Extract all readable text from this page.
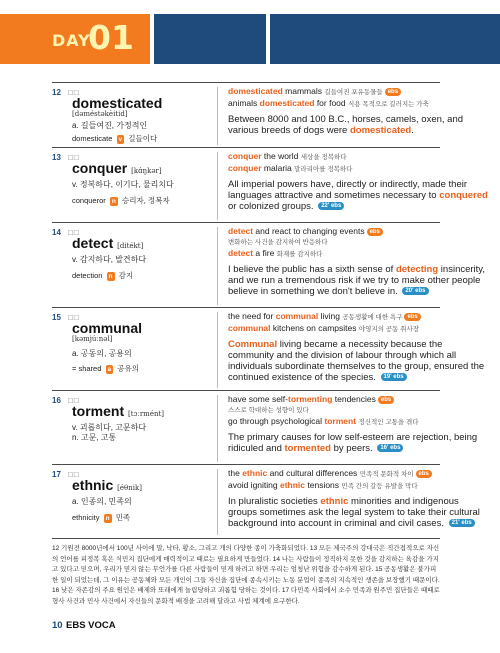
DAY
01
12 □□
domesticated
[dəméstəkèitid]
a. 길들여진, 가정적인
domesticate v 길들이다
domesticated mammals 길들여진 포유동물들 ebs
animals domesticated for food 식용 목적으로 길러지는 가축
Between 8000 and 100 B.C., horses, camels, oxen, and various breeds of dogs were domesticated.
13 □□
conquer [kɑ́ŋkər]
v. 정복하다, 이기다, 물리치다
conqueror n 승리자, 정복자
conquer the world 세상을 정복하다
conquer malaria 말라리아를 정복하다
All imperial powers have, directly or indirectly, made their languages attractive and sometimes necessary to conquered or colonized groups. 22' ebs
14 □□
detect [ditékt]
v. 감지하다, 발견하다
detection n 감지
detect and react to changing events ebs
변화하는 사건을 감지하여 반응하다
detect a fire 화재를 감지하다
I believe the public has a sixth sense of detecting insincerity, and we run a tremendous risk if we try to make other people believe in something we don't believe in. 20' ebs
15 □□
communal
[kəmjúːnəl]
a. 공동의, 공용의
= shared a 공유의
the need for communal living 공동생활에 대한 욕구 ebs
communal kitchens on campsites 야영지의 공동 취사장
Communal living became a necessity because the community and the division of labour through which all individuals subordinate themselves to the group, ensured the continued existence of the species. 19' ebs
16 □□
torment [tɔːrmént]
v. 괴롭히다, 고문하다
n. 고문, 고통
have some self-tormenting tendencies ebs
스스로 학대하는 성향이 있다
go through psychological torment 정신적인 고통을 겪다
The primary causes for low self-esteem are rejection, being ridiculed and tormented by peers. 16' ebs
17 □□
ethnic [éθnik]
a. 인종의, 민족의
ethnicity n 민족
the ethnic and cultural differences 민족적 문화적 차이 ebs
avoid igniting ethnic tensions 민족 간의 갈등 유발을 막다
In pluralistic societies ethnic minorities and indigenous groups sometimes ask the legal system to take their cultural background into account in criminal and civil cases. 21' ebs
12 기원전 8000년에서 100년 사이에 말, 낙타, 황소, 그리고 개의 다양한 종이 가축화되었다. 13 모든 제국주의 강대국은 직간접적으로 자신의 언어를 피정복 혹은 식민지 집단에게 매력적이고 때로는 필요하게 만들었다. 14 나는 사람들이 정직하지 못한 것을 감지하는 육감을 가지고 있다고 믿으며, 우리가 믿지 않는 무언가를 다른 사람들이 믿게 하려고 하면 우리는 엄청난 위험을 감수하게 된다. 15 공동생활은 불가피한 일이 되었는데, 그 이유는 공동체와 모든 개인이 그들 자신을 집단에 종속시키는 노동 분업이 종족의 지속적인 생존을 보장했기 때문이다. 16 낮은 자존감의 주요 원인은 배제와 또래에게 놀림당하고 괴롭힘 당하는 것이다. 17 다민족 사회에서 소수 민족과 원주민 집단들은 때때로 형사 사건과 민사 사건에서 자신들의 문화적 배경을 고려해 달라고 사법 체계에 요구한다.
10 EBS VOCA
